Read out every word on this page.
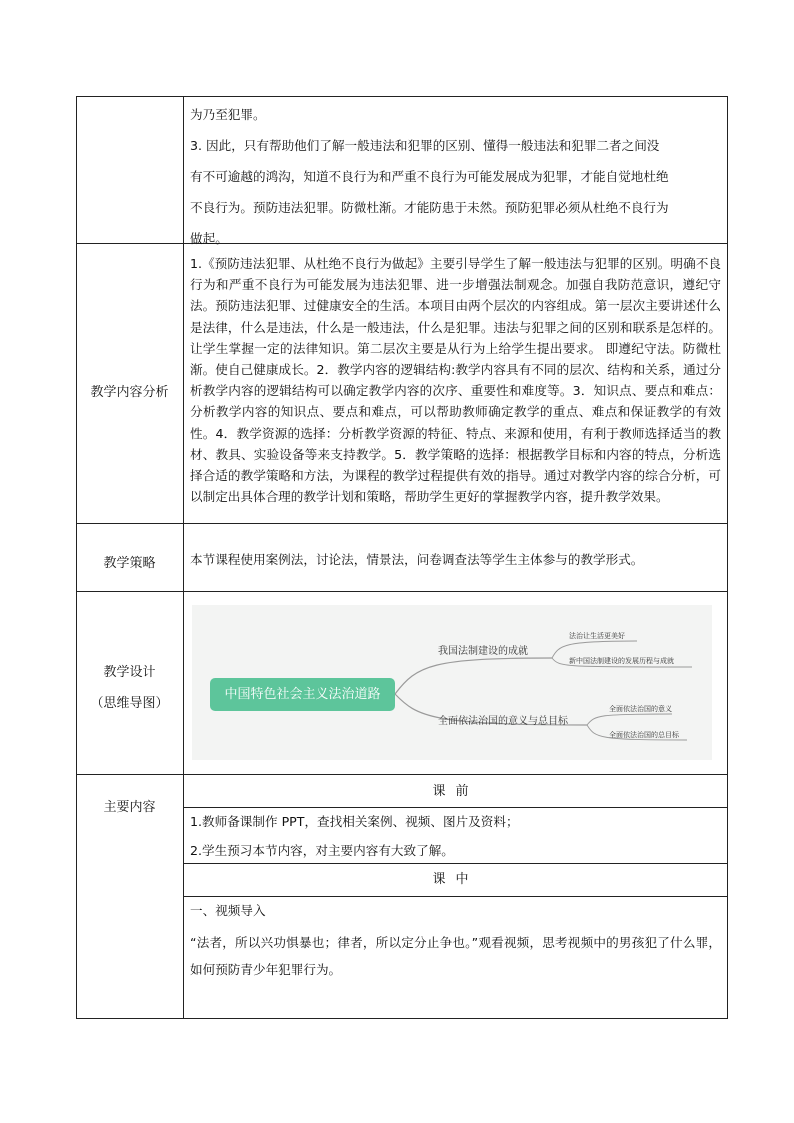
为乃至犯罪。

3. 因此，只有帮助他们了解一般违法和犯罪的区别、懂得一般违法和犯罪二者之间没

有不可逾越的鸿沟，知道不良行为和严重不良行为可能发展成为犯罪，才能自觉地杜绝

不良行为。预防违法犯罪。防微杜渐。才能防患于未然。预防犯罪必须从杜绝不良行为

做起。

教学内容分析
1.《预防违法犯罪、从杜绝不良行为做起》主要引导学生了解一般违法与犯罪的区别。明确不良行为和严重不良行为可能发展为违法犯罪、进一步增强法制观念。加强自我防范意识，遵纪守法。预防违法犯罪、过健康安全的生活。本项目由两个层次的内容组成。第一层次主要讲述什么是法律，什么是违法，什么是一般违法，什么是犯罪。违法与犯罪之间的区别和联系是怎样的。让学生掌握一定的法律知识。第二层次主要是从行为上给学生提出要求。 即遵纪守法。防微杜渐。使自己健康成长。2．教学内容的逻辑结构:教学内容具有不同的层次、结构和关系，通过分析教学内容的逻辑结构可以确定教学内容的次序、重要性和难度等。3．知识点、要点和难点：分析教学内容的知识点、要点和难点，可以帮助教师确定教学的重点、难点和保证教学的有效性。4．教学资源的选择：分析教学资源的特征、特点、来源和使用，有利于教师选择适当的教材、教具、实验设备等来支持教学。5．教学策略的选择：根据教学目标和内容的特点，分析选择合适的教学策略和方法，为课程的教学过程提供有效的指导。通过对教学内容的综合分析，可以制定出具体合理的教学计划和策略，帮助学生更好的掌握教学内容，提升教学效果。
教学策略	本节课程使用案例法，讨论法，情景法，问卷调查法等学生主体参与的教学形式。
教学设计
（思维导图）
中国特色社会主义法治道路
我国法制建设的成就
全面依法治国的意义与总目标
法治让生活更美好
新中国法制建设的发展历程与成就
全面依法治国的意义
全面依法治国的总目标
主要内容
课前
1.教师备课制作 PPT，查找相关案例、视频、图片及资料；
2.学生预习本节内容，对主要内容有大致了解。
课中
一、视频导入
“法者，所以兴功惧暴也；律者，所以定分止争也。”观看视频，思考视频中的男孩犯了什么罪，如何预防青少年犯罪行为。
